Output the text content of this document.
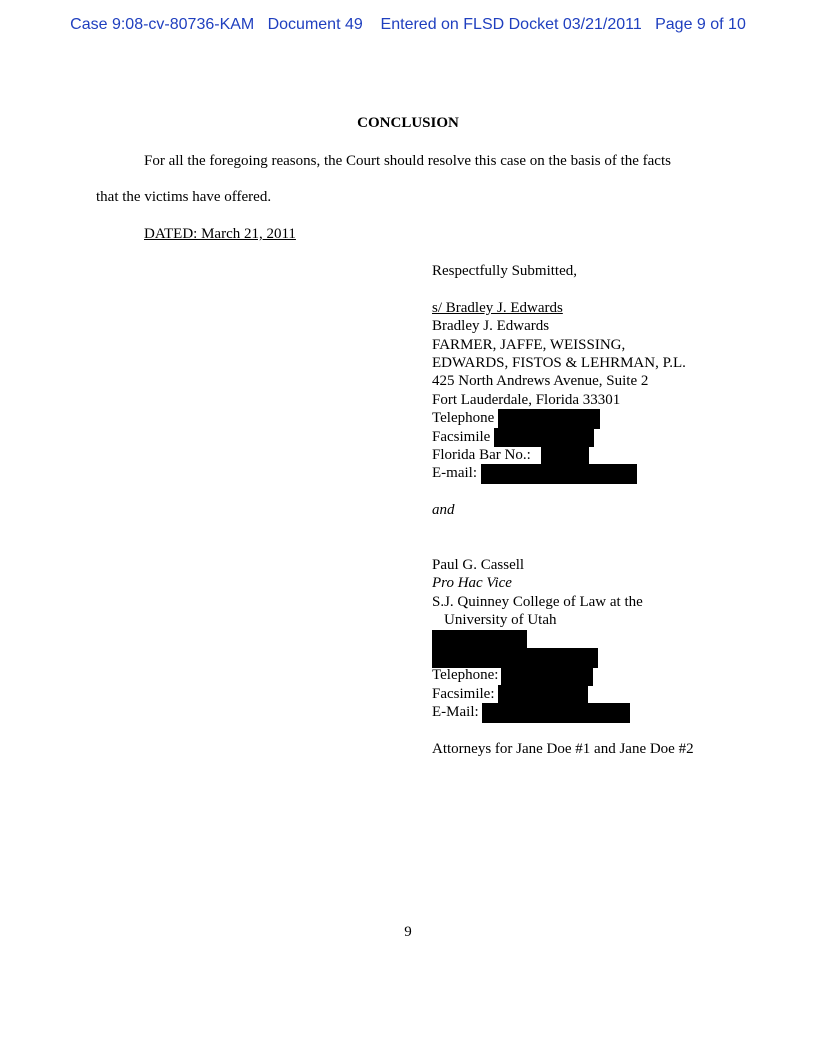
Case 9:08-cv-80736-KAM Document 49 Entered on FLSD Docket 03/21/2011 Page 9 of 10
CONCLUSION

For all the foregoing reasons, the Court should resolve this case on the basis of the facts

that the victims have offered.

DATED: March 21, 2011
Respectfully Submitted,
s/ Bradley J. Edwards
Bradley J. Edwards
FARMER, JAFFE, WEISSING,
EDWARDS, FISTOS & LEHRMAN, P.L.
425 North Andrews Avenue, Suite 2
Fort Lauderdale, Florida 33301
Telephone
Facsimile
Florida Bar No.:
E-mail:
and
Paul G. Cassell
Pro Hac Vice
S.J. Quinney College of Law at the
University of Utah
Telephone:
Facsimile:
E-Mail:
Attorneys for Jane Doe #1 and Jane Doe #2
9
